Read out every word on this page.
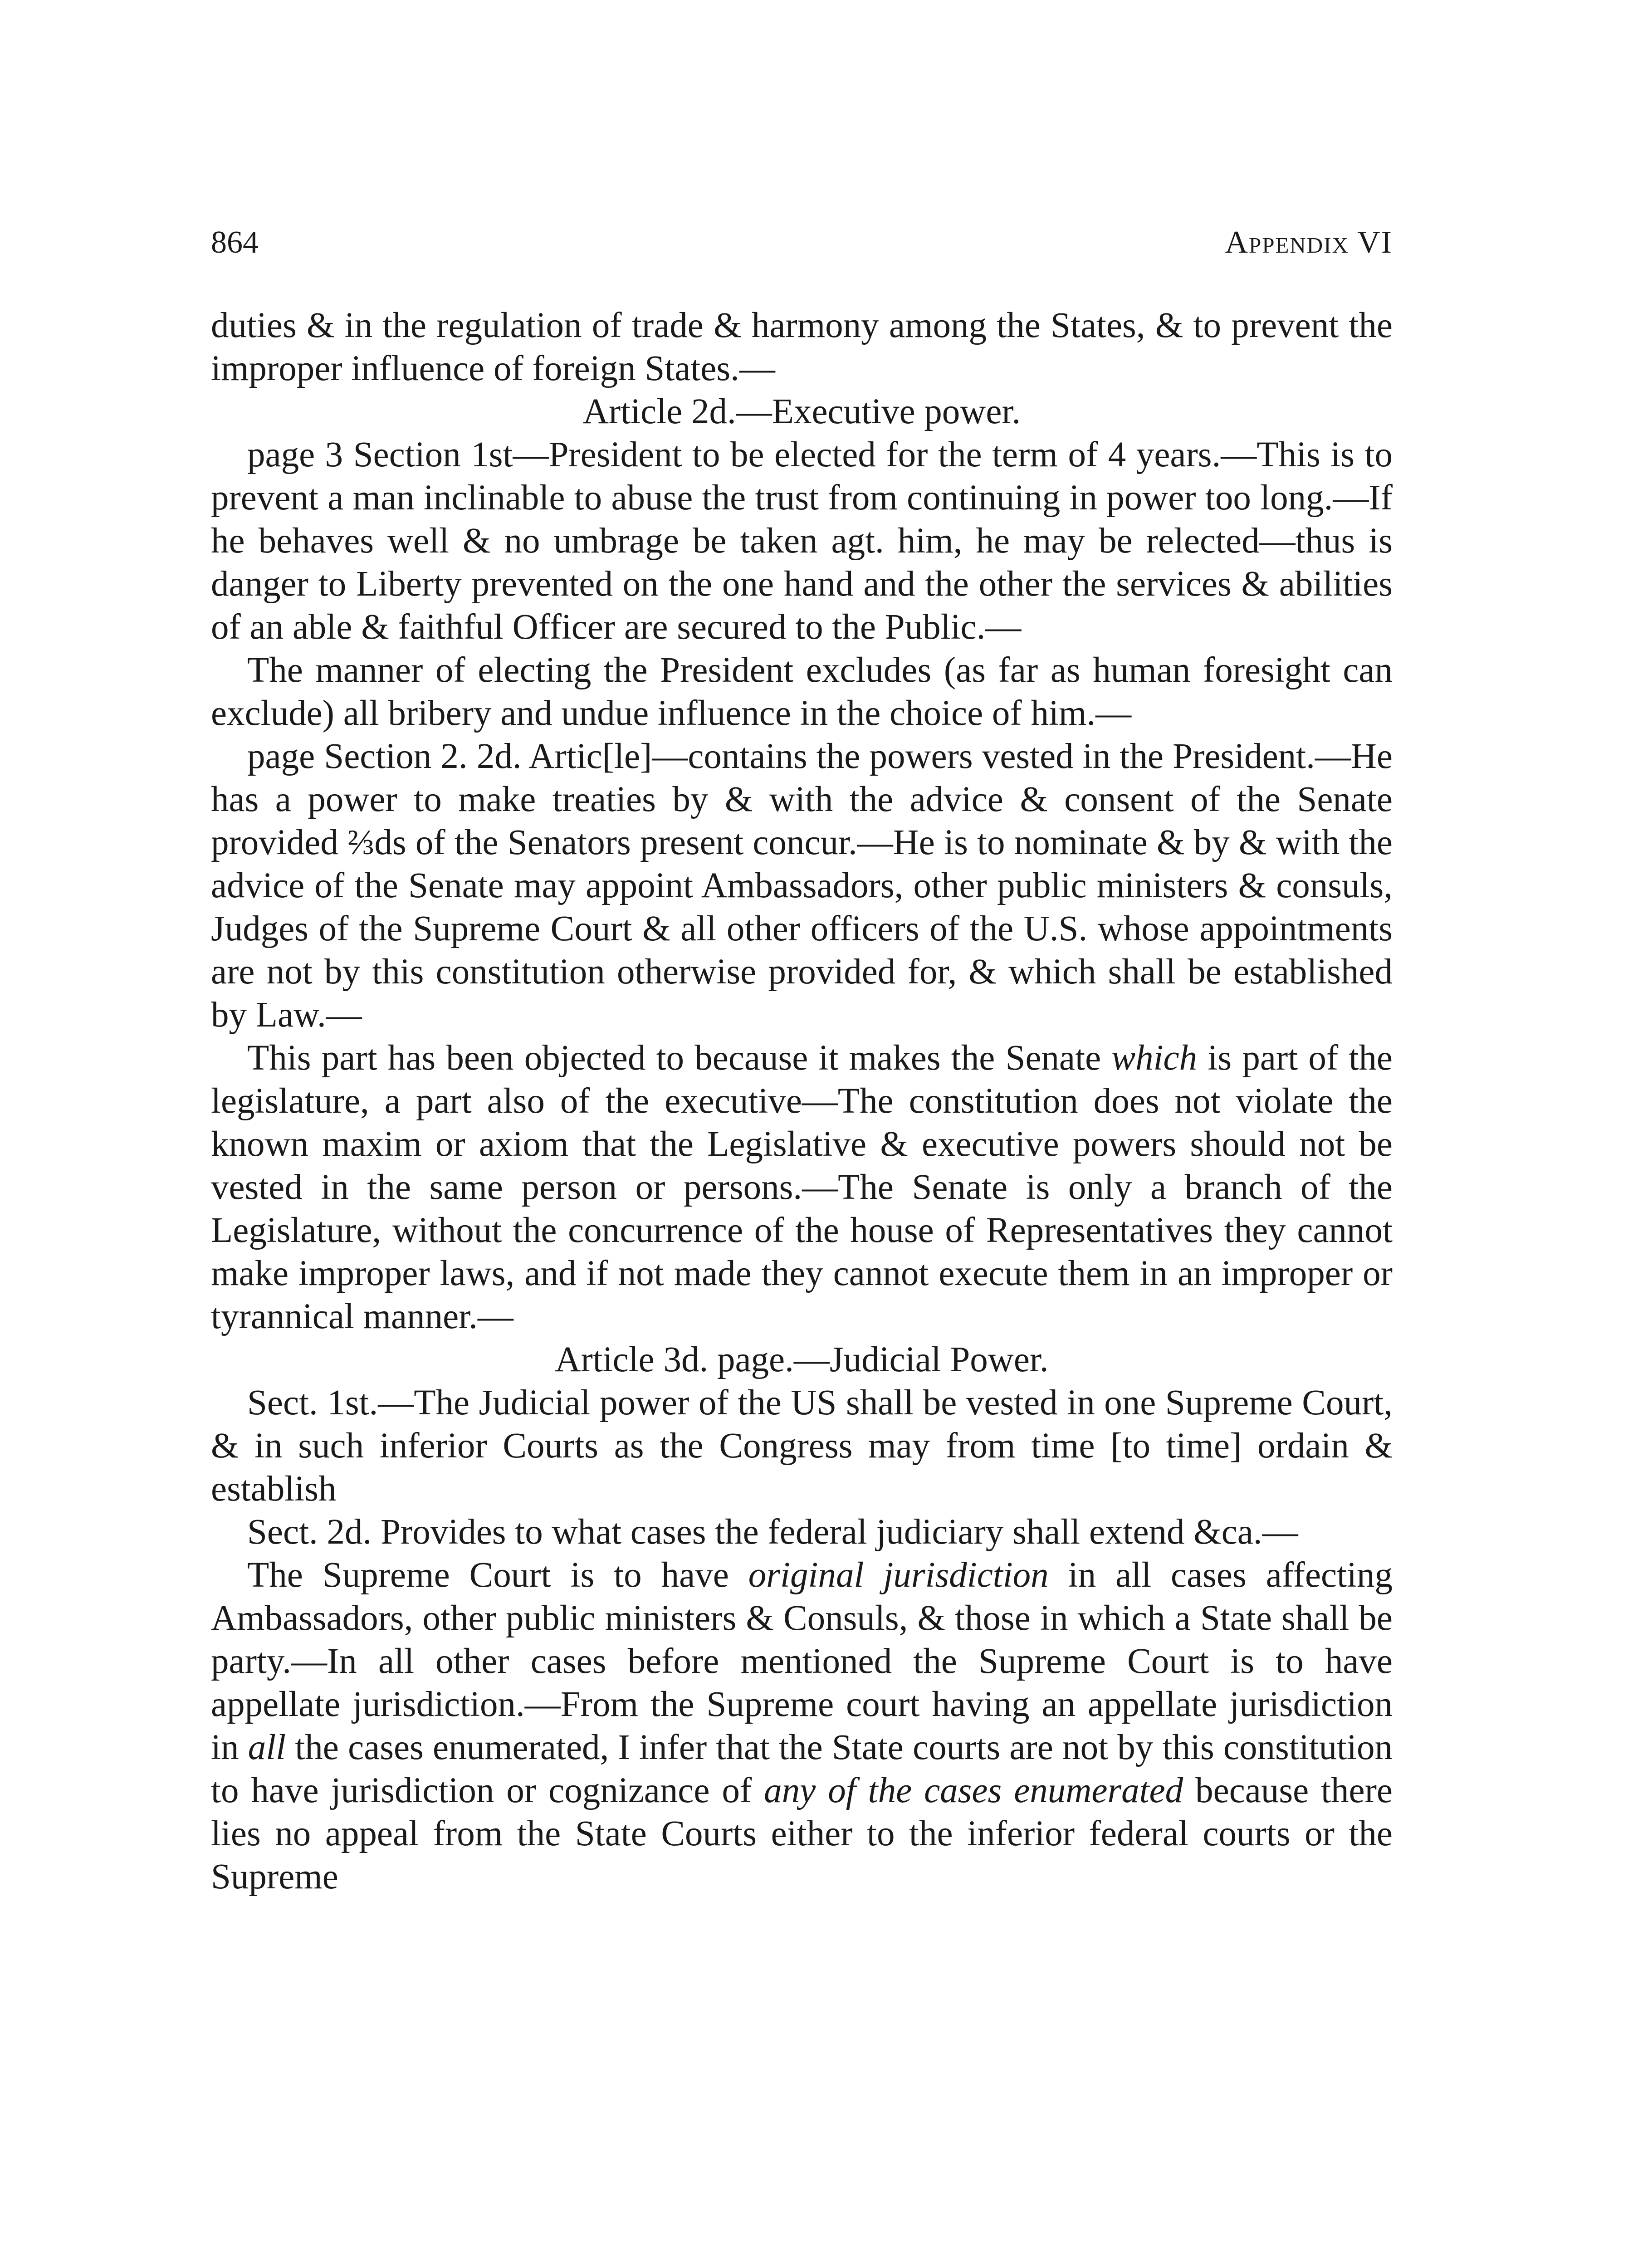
864	Appendix VI

duties & in the regulation of trade & harmony among the States, & to prevent the improper influence of foreign States.—

Article 2d.—Executive power.

page 3 Section 1st—President to be elected for the term of 4 years.—This is to prevent a man inclinable to abuse the trust from continuing in power too long.—If he behaves well & no umbrage be taken agt. him, he may be relected—thus is danger to Liberty prevented on the one hand and the other the services & abilities of an able & faithful Officer are secured to the Public.—

The manner of electing the President excludes (as far as human foresight can exclude) all bribery and undue influence in the choice of him.—

page Section 2. 2d. Artic[le]—contains the powers vested in the President.—He has a power to make treaties by & with the advice & consent of the Senate provided ⅔ds of the Senators present concur.—He is to nominate & by & with the advice of the Senate may appoint Ambassadors, other public ministers & consuls, Judges of the Supreme Court & all other officers of the U.S. whose appointments are not by this constitution otherwise provided for, & which shall be established by Law.—

This part has been objected to because it makes the Senate which is part of the legislature, a part also of the executive—The constitution does not violate the known maxim or axiom that the Legislative & executive powers should not be vested in the same person or persons.—The Senate is only a branch of the Legislature, without the concurrence of the house of Representatives they cannot make improper laws, and if not made they cannot execute them in an improper or tyrannical manner.—

Article 3d. page.—Judicial Power.

Sect. 1st.—The Judicial power of the US shall be vested in one Supreme Court, & in such inferior Courts as the Congress may from time [to time] ordain & establish

Sect. 2d. Provides to what cases the federal judiciary shall extend &ca.—

The Supreme Court is to have original jurisdiction in all cases affecting Ambassadors, other public ministers & Consuls, & those in which a State shall be party.—In all other cases before mentioned the Supreme Court is to have appellate jurisdiction.—From the Supreme court having an appellate jurisdiction in all the cases enumerated, I infer that the State courts are not by this constitution to have jurisdiction or cognizance of any of the cases enumerated because there lies no appeal from the State Courts either to the inferior federal courts or the Supreme
